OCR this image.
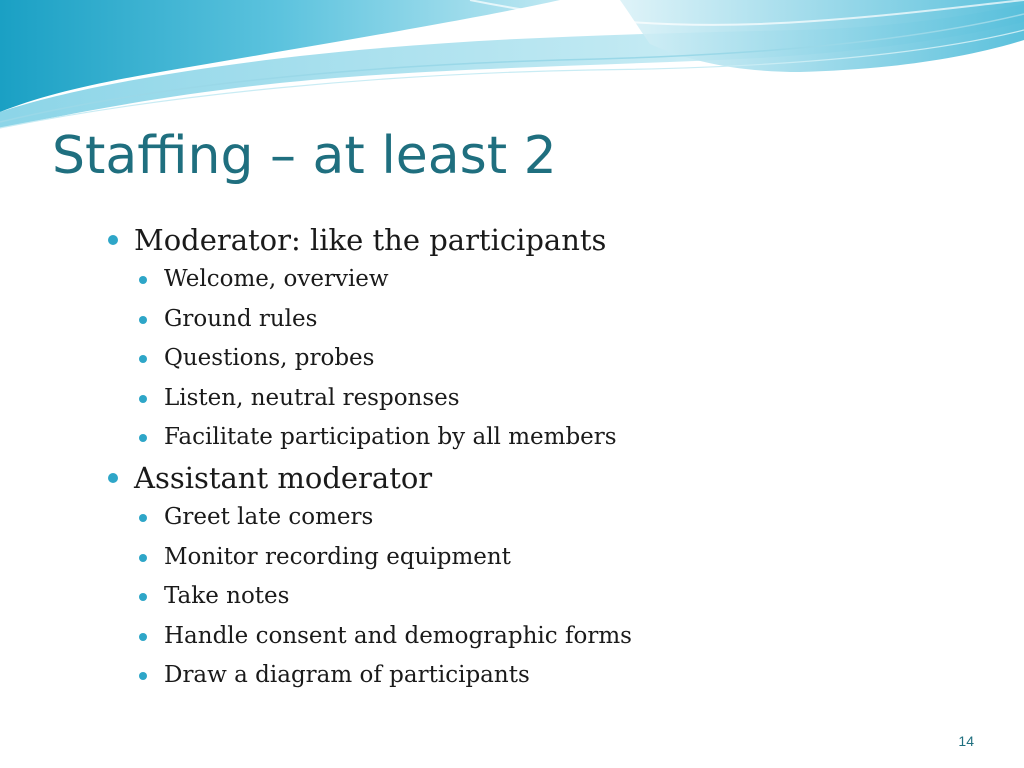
Staffing – at least 2
Moderator: like the participants
Welcome, overview
Ground rules
Questions, probes
Listen, neutral responses
Facilitate participation by all members
Assistant moderator
Greet late comers
Monitor recording equipment
Take notes
Handle consent and demographic forms
Draw a diagram of participants
14
